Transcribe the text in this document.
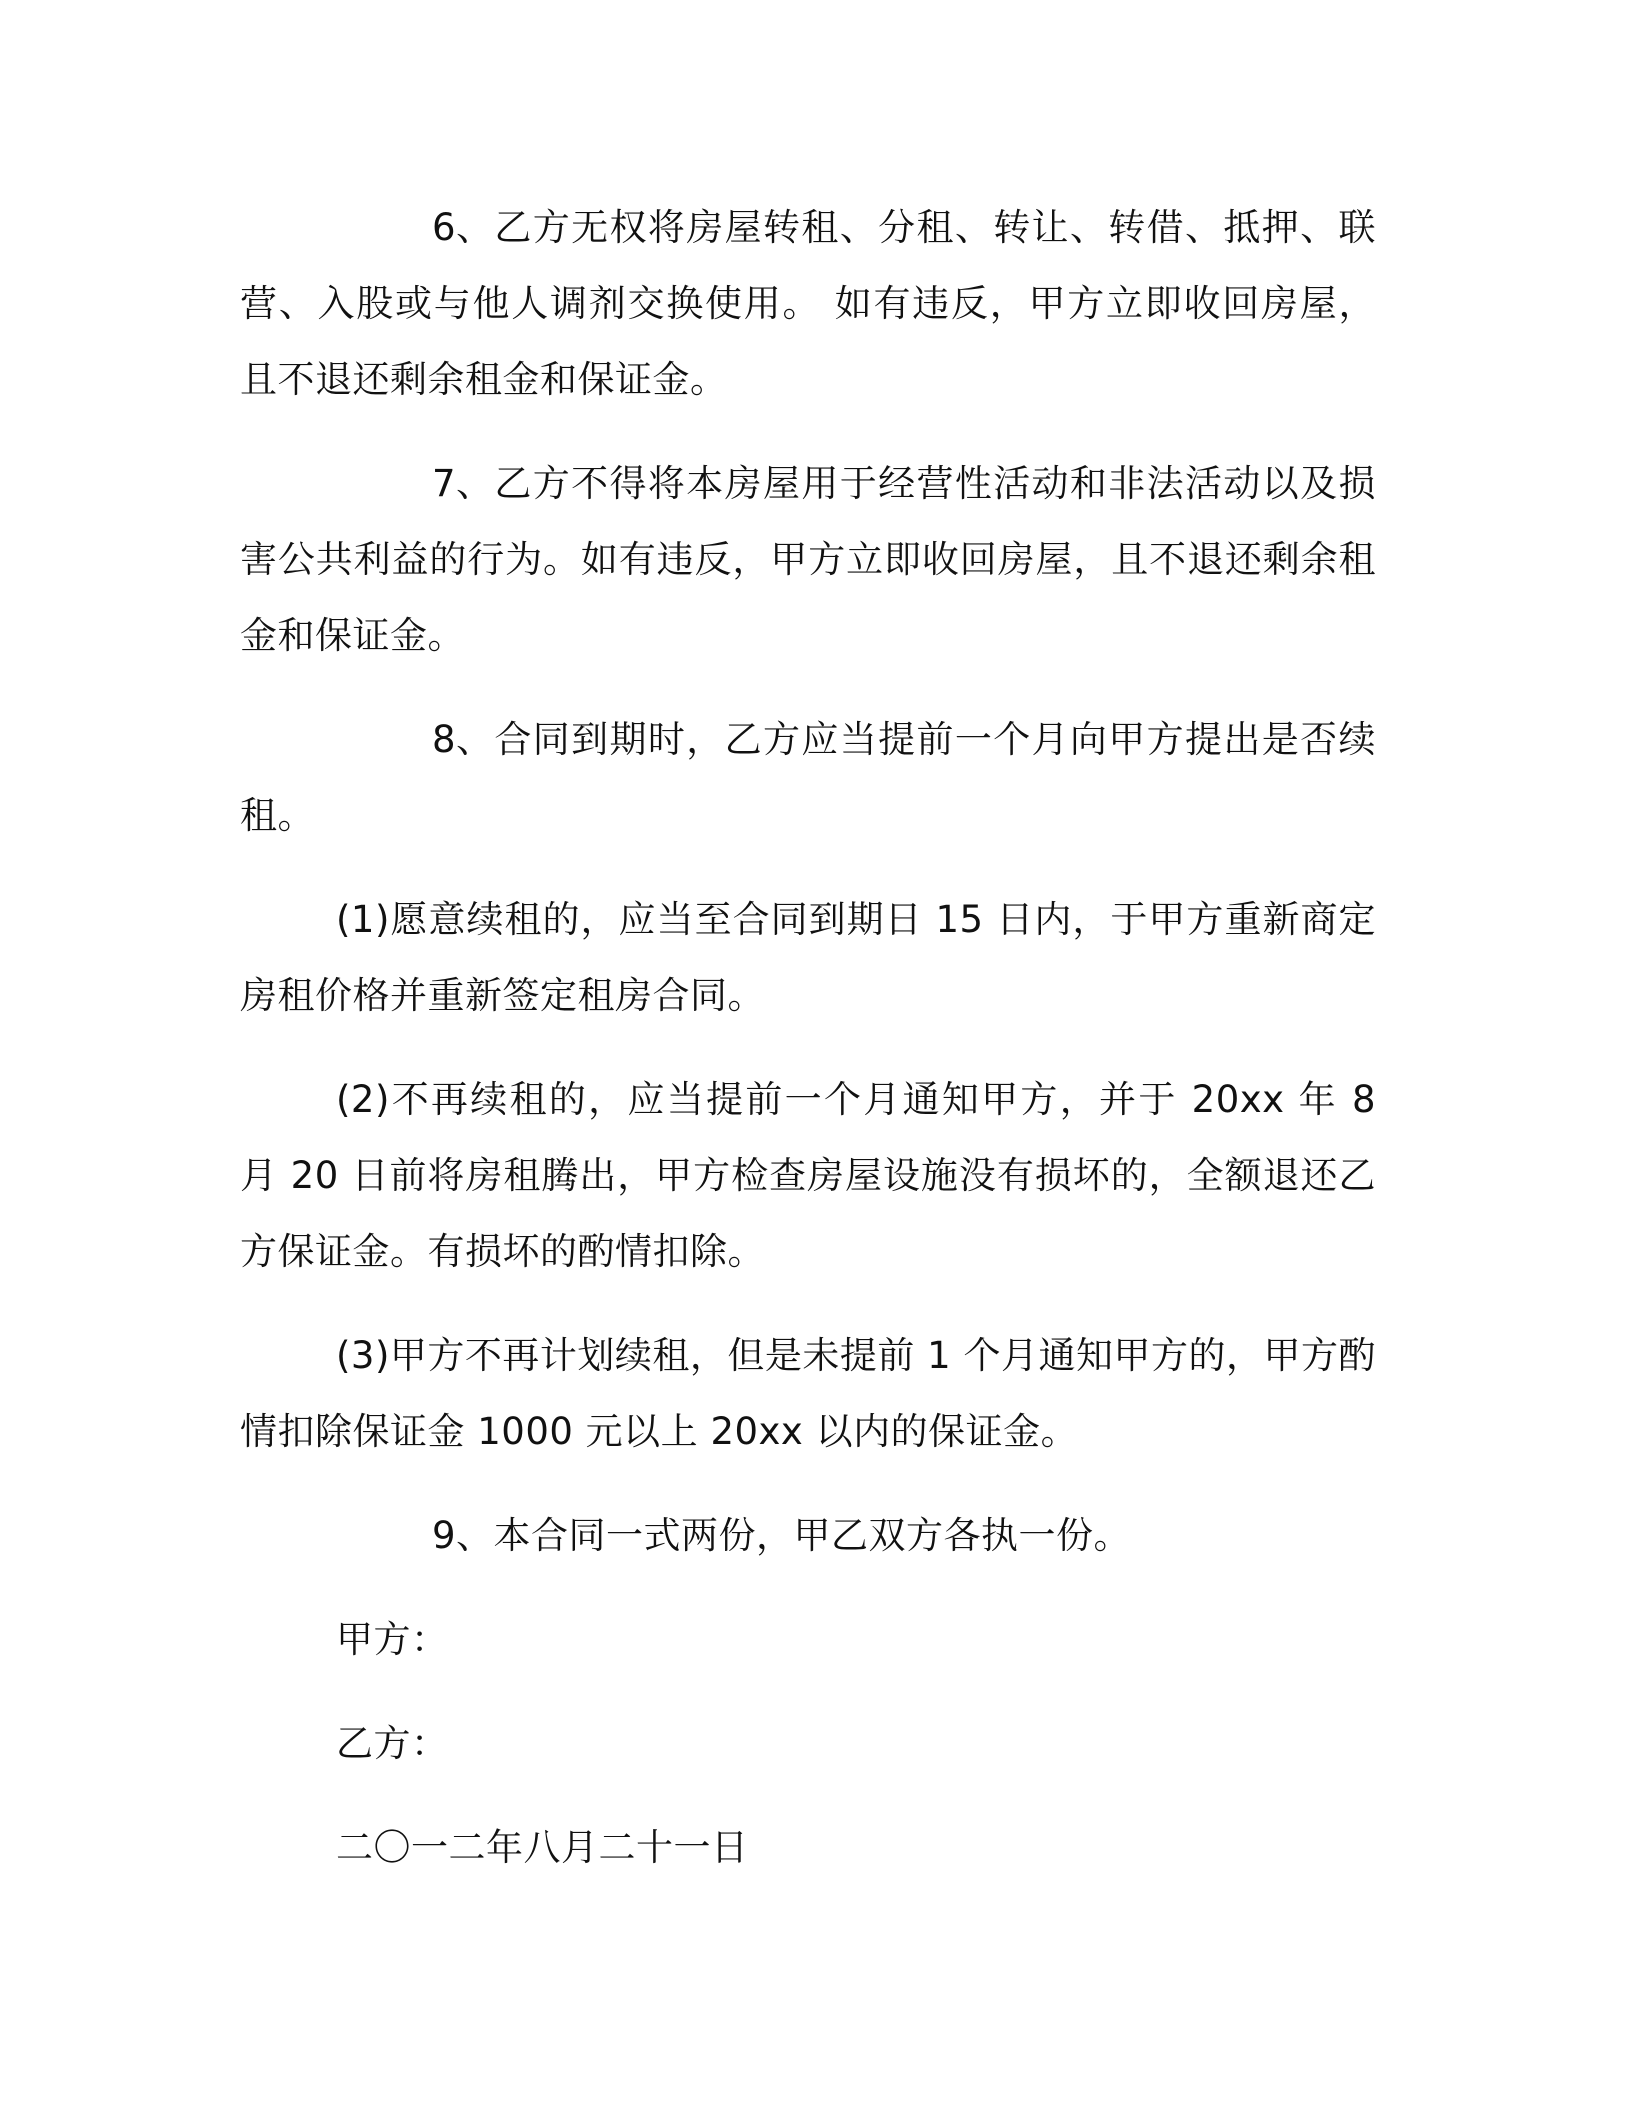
6、乙方无权将房屋转租、分租、转让、转借、抵押、联营、入股或与他人调剂交换使用。 如有违反，甲方立即收回房屋，且不退还剩余租金和保证金。

7、乙方不得将本房屋用于经营性活动和非法活动以及损害公共利益的行为。如有违反，甲方立即收回房屋，且不退还剩余租金和保证金。

8、合同到期时，乙方应当提前一个月向甲方提出是否续租。

(1)愿意续租的，应当至合同到期日 15 日内，于甲方重新商定房租价格并重新签定租房合同。

(2)不再续租的，应当提前一个月通知甲方，并于 20xx 年 8 月 20 日前将房租腾出，甲方检查房屋设施没有损坏的，全额退还乙方保证金。有损坏的酌情扣除。

(3)甲方不再计划续租，但是未提前 1 个月通知甲方的，甲方酌情扣除保证金 1000 元以上 20xx 以内的保证金。

9、本合同一式两份，甲乙双方各执一份。

甲方：

乙方：

二〇一二年八月二十一日
